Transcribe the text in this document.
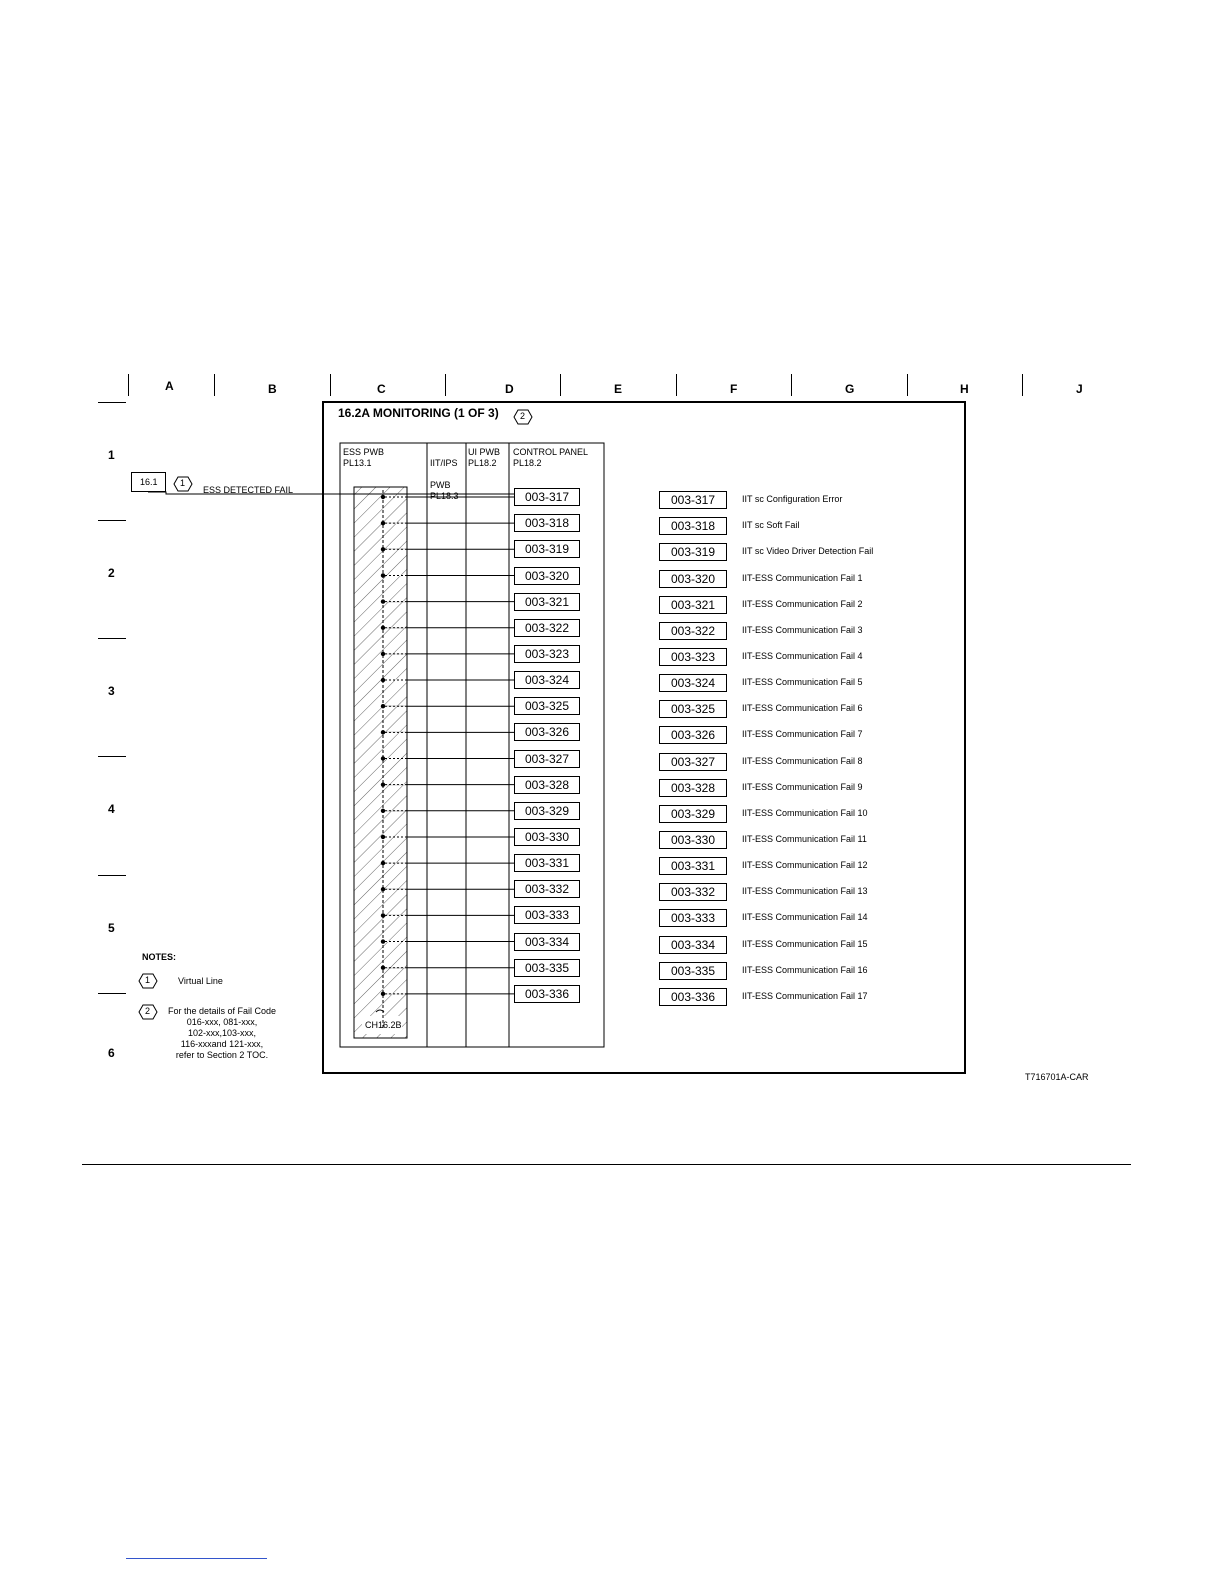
A	B	C	D	E	F	G	H	J
1
2
3
4
5
6
16.2A MONITORING (1 OF 3) 2
16.1 1
ESS DETECTED FAIL
ESS PWB
PL13.1	IIT/IPS

PWB
PL18.3

UI PWB
PL18.2
CONTROL PANEL
PL18.2
CH16.2B
003-317	003-317	IIT sc Configuration Error
003-318	003-318	IIT sc Soft Fail
003-319	003-319	IIT sc Video Driver Detection Fail
003-320	003-320	IIT-ESS Communication Fail 1
003-321	003-321	IIT-ESS Communication Fail 2
003-322	003-322	IIT-ESS Communication Fail 3
003-323	003-323	IIT-ESS Communication Fail 4
003-324	003-324	IIT-ESS Communication Fail 5
003-325	003-325	IIT-ESS Communication Fail 6
003-326	003-326	IIT-ESS Communication Fail 7
003-327	003-327	IIT-ESS Communication Fail 8
003-328	003-328	IIT-ESS Communication Fail 9
003-329	003-329	IIT-ESS Communication Fail 10
003-330	003-330	IIT-ESS Communication Fail 11
003-331	003-331	IIT-ESS Communication Fail 12
003-332	003-332	IIT-ESS Communication Fail 13
003-333	003-333	IIT-ESS Communication Fail 14
003-334	003-334	IIT-ESS Communication Fail 15
003-335	003-335	IIT-ESS Communication Fail 16
003-336	003-336	IIT-ESS Communication Fail 17
NOTES:
1	Virtual Line
2	For the details of Fail Code
016-xxx, 081-xxx,
102-xxx,103-xxx,
116-xxxand 121-xxx,
refer to Section 2 TOC.
T716701A-CAR
